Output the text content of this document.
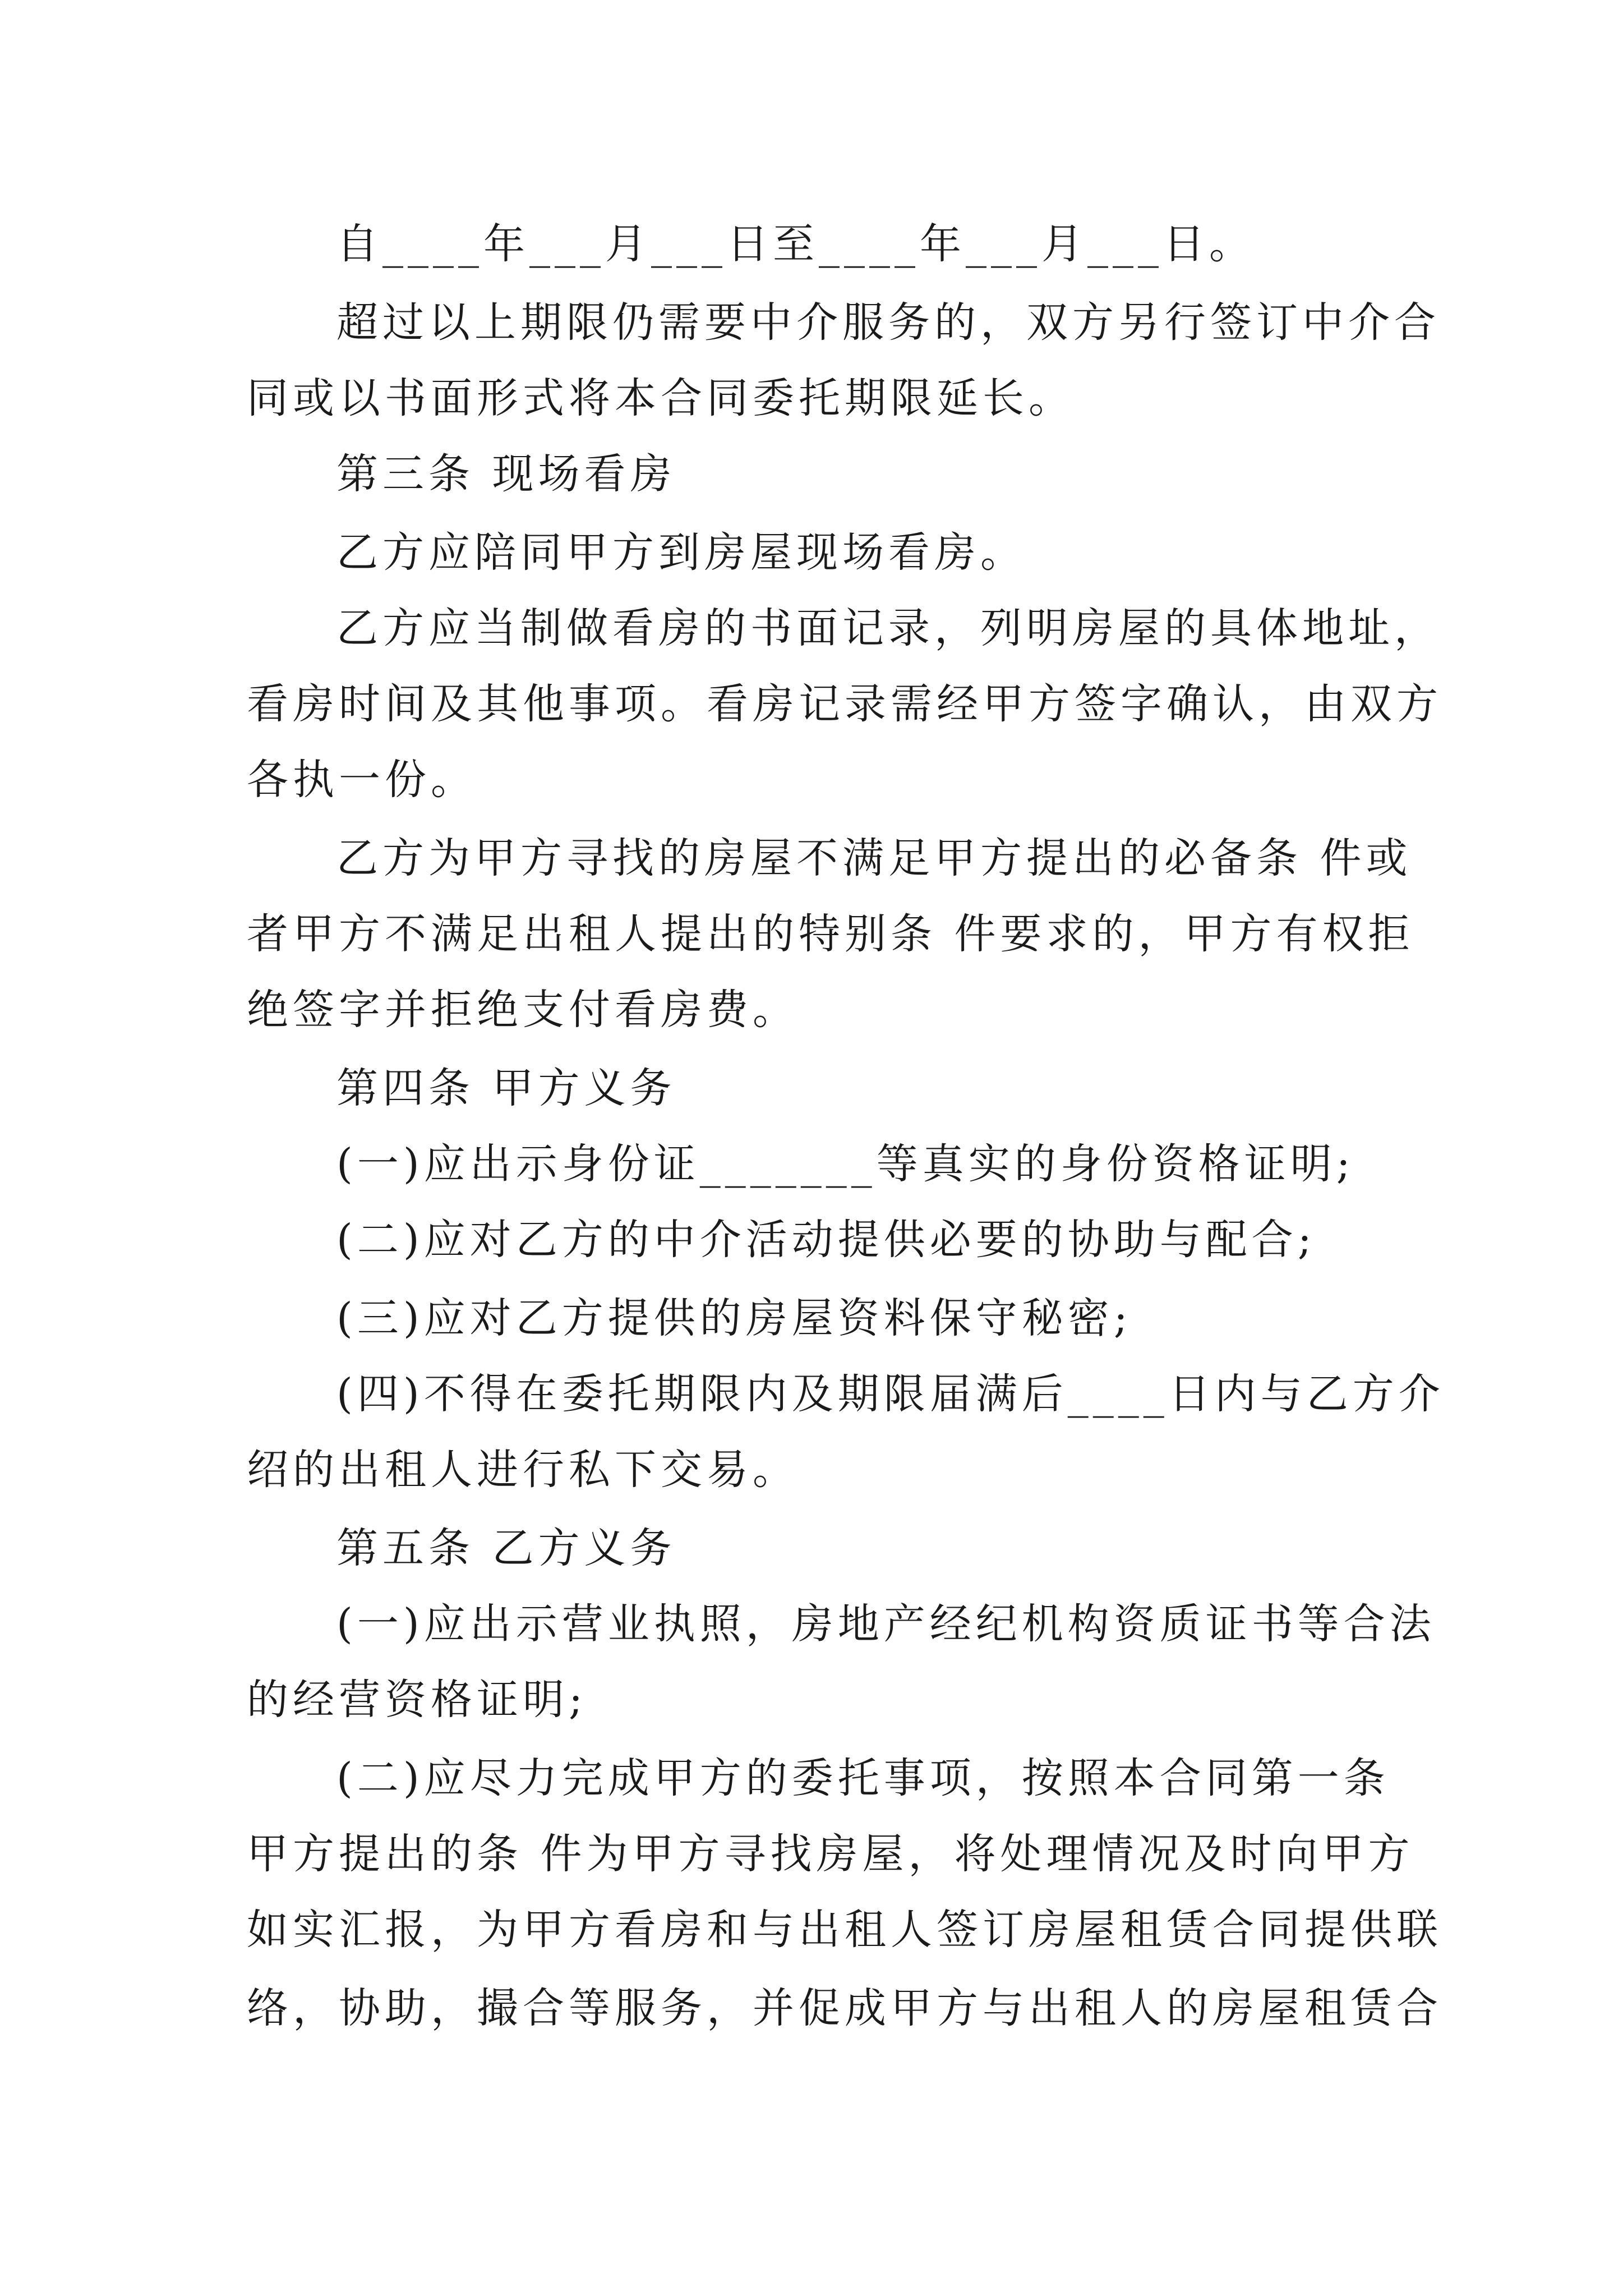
自____年___月___日至____年___月___日。
超过以上期限仍需要中介服务的，双方另行签订中介合
同或以书面形式将本合同委托期限延长。
第三条 现场看房
乙方应陪同甲方到房屋现场看房。
乙方应当制做看房的书面记录，列明房屋的具体地址，
看房时间及其他事项。看房记录需经甲方签字确认，由双方
各执一份。
乙方为甲方寻找的房屋不满足甲方提出的必备条 件或
者甲方不满足出租人提出的特别条 件要求的，甲方有权拒
绝签字并拒绝支付看房费。
第四条 甲方义务
(一)应出示身份证_______等真实的身份资格证明;
(二)应对乙方的中介活动提供必要的协助与配合;
(三)应对乙方提供的房屋资料保守秘密;
(四)不得在委托期限内及期限届满后____日内与乙方介
绍的出租人进行私下交易。
第五条 乙方义务
(一)应出示营业执照，房地产经纪机构资质证书等合法
的经营资格证明;
(二)应尽力完成甲方的委托事项，按照本合同第一条
甲方提出的条 件为甲方寻找房屋，将处理情况及时向甲方
如实汇报，为甲方看房和与出租人签订房屋租赁合同提供联
络，协助，撮合等服务，并促成甲方与出租人的房屋租赁合
